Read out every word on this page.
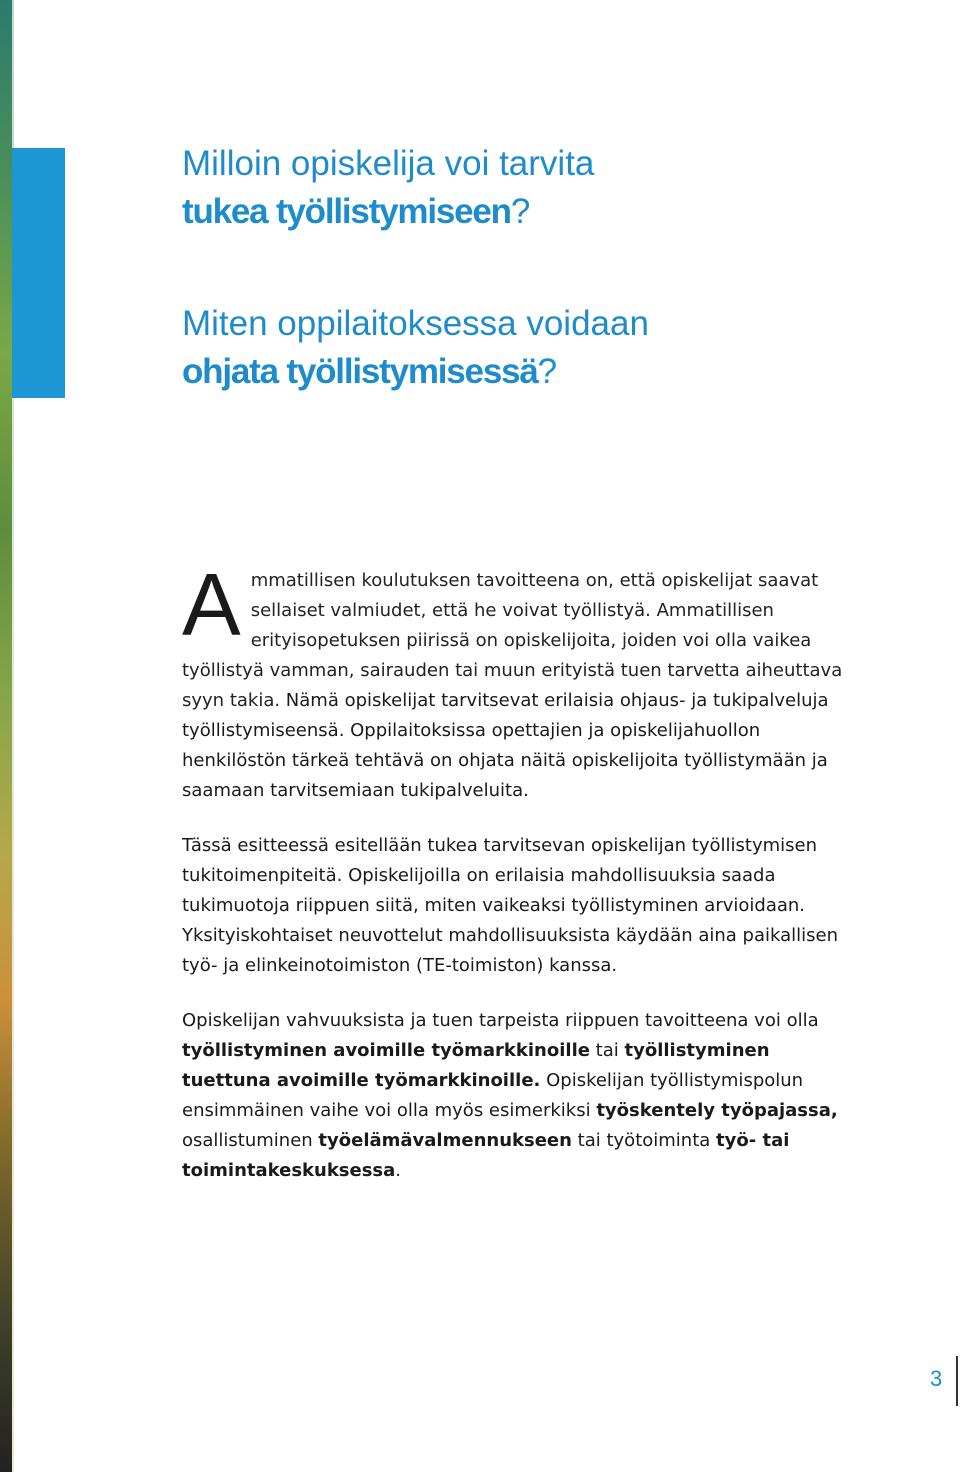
Milloin opiskelija voi tarvita
tukea työllistymiseen?
Miten oppilaitoksessa voidaan
ohjata työllistymisessä?

Ammatillisen koulutuksen tavoitteena on, että opiskelijat saavat sellaiset valmiudet, että he voivat työllistyä. Ammatillisen erityisopetuksen piirissä on opiskelijoita, joiden voi olla vaikea työllistyä vamman, sairauden tai muun erityistä tuen tarvetta aiheuttava syyn takia. Nämä opiskelijat tarvitsevat erilaisia ohjaus- ja tukipalveluja työllistymiseensä. Oppilaitoksissa opettajien ja opiskelijahuollon henkilöstön tärkeä tehtävä on ohjata näitä opiskelijoita työllistymään ja saamaan tarvitsemiaan tukipalveluita.

Tässä esitteessä esitellään tukea tarvitsevan opiskelijan työllistymisen tukitoimenpiteitä. Opiskelijoilla on erilaisia mahdollisuuksia saada tukimuotoja riippuen siitä, miten vaikeaksi työllistyminen arvioidaan. Yksityiskohtaiset neuvottelut mahdollisuuksista käydään aina paikallisen työ- ja elinkeinotoimiston (TE-toimiston) kanssa.

Opiskelijan vahvuuksista ja tuen tarpeista riippuen tavoitteena voi olla työllistyminen avoimille työmarkkinoille tai työllistyminen tuettuna avoimille työmarkkinoille. Opiskelijan työllistymispolun ensimmäinen vaihe voi olla myös esimerkiksi työskentely työpajassa, osallistuminen työelämävalmennukseen tai työtoiminta työ- tai toimintakeskuksessa.

3
